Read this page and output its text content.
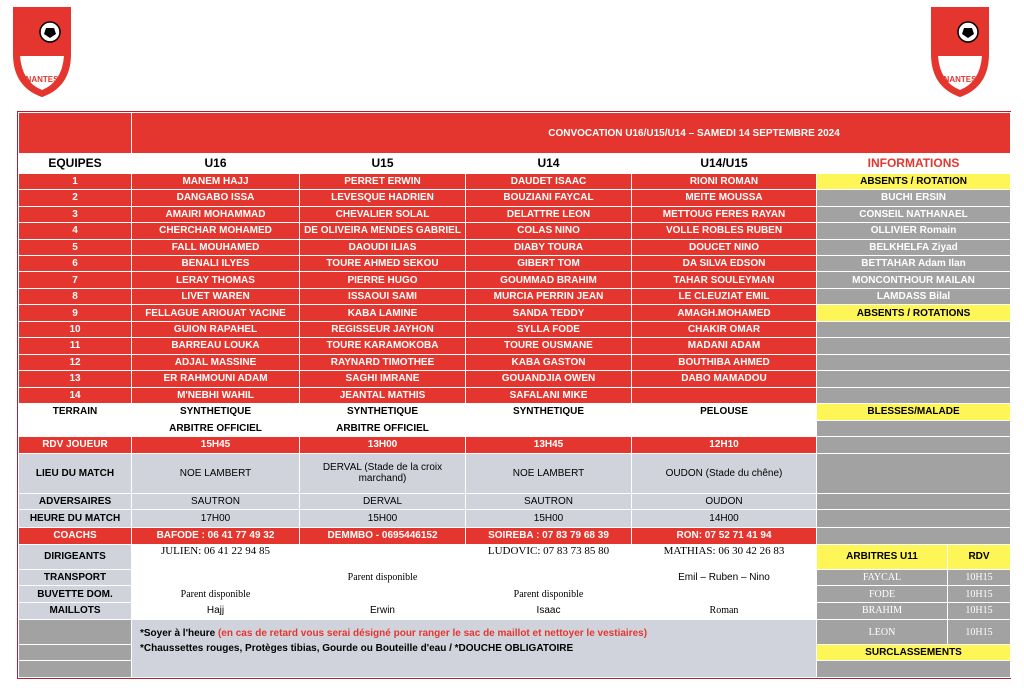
NANTES	NANTES
	CONVOCATION U16/U15/U14 – SAMEDI 14 SEPTEMBRE 2024					
EQUIPES	U16	U15	U14	U14/U15	INFORMATIONS	
1	MANEM HAJJ	PERRET ERWIN	DAUDET ISAAC	RIONI ROMAN	ABSENTS / ROTATION	
2	DANGABO ISSA	LEVESQUE HADRIEN	BOUZIANI FAYCAL	MEITE MOUSSA	BUCHI ERSIN	
3	AMAIRI MOHAMMAD	CHEVALIER SOLAL	DELATTRE LEON	METTOUG FERES RAYAN	CONSEIL NATHANAEL	
4	CHERCHAR MOHAMED	DE OLIVEIRA MENDES GABRIEL	COLAS NINO	VOLLE ROBLES RUBEN	OLLIVIER Romain	
5	FALL MOUHAMED	DAOUDI ILIAS	DIABY TOURA	DOUCET NINO	BELKHELFA Ziyad	
6	BENALI ILYES	TOURE AHMED SEKOU	GIBERT TOM	DA SILVA EDSON	BETTAHAR Adam Ilan	
7	LERAY THOMAS	PIERRE HUGO	GOUMMAD BRAHIM	TAHAR SOULEYMAN	MONCONTHOUR MAILAN	
8	LIVET WAREN	ISSAOUI SAMI	MURCIA PERRIN JEAN	LE CLEUZIAT EMIL	LAMDASS Bilal	
9	FELLAGUE ARIOUAT YACINE	KABA LAMINE	SANDA TEDDY	AMAGH.MOHAMED	ABSENTS / ROTATIONS	
10	GUION RAPAHEL	REGISSEUR JAYHON	SYLLA FODE	CHAKIR OMAR		
11	BARREAU LOUKA	TOURE KARAMOKOBA	TOURE OUSMANE	MADANI ADAM		
12	ADJAL MASSINE	RAYNARD TIMOTHEE	KABA GASTON	BOUTHIBA AHMED		
13	ER RAHMOUNI ADAM	SAGHI IMRANE	GOUANDJIA OWEN	DABO MAMADOU		
14	M'NEBHI WAHIL	JEANTAL MATHIS	SAFALANI MIKE			
TERRAIN	SYNTHETIQUE	SYNTHETIQUE	SYNTHETIQUE	PELOUSE	BLESSES/MALADE	
	ARBITRE OFFICIEL	ARBITRE OFFICIEL				
RDV JOUEUR	15H45	13H00	13H45	12H10		
LIEU DU MATCH	NOE LAMBERT	DERVAL (Stade de la croix marchand)	NOE LAMBERT	OUDON (Stade du chêne)		
ADVERSAIRES	SAUTRON	DERVAL	SAUTRON	OUDON		
HEURE DU MATCH	17H00	15H00	15H00	14H00		
COACHS	BAFODE : 06 41 77 49 32	DEMMBO - 0695446152	SOIREBA : 07 83 79 68 39	RON: 07 52 71 41 94		
DIRIGEANTS	JULIEN: 06 41 22 94 85		LUDOVIC: 07 83 73 85 80	MATHIAS: 06 30 42 26 83	ARBITRES U11	RDV
TRANSPORT		Parent disponible		Emil – Ruben – Nino	FAYCAL	10H15
BUVETTE DOM.	Parent disponible		Parent disponible		FODE	10H15
MAILLOTS	Hajj	Erwin	Isaac	Roman	BRAHIM	10H15

	*Soyer à l'heure (en cas de retard vous serai désigné pour ranger le sac de maillot et nettoyer le vestiaires)
*Chaussettes rouges, Protèges tibias, Gourde ou Bouteille d'eau / *DOUCHE OBLIGATOIRE				LEON	10H15
					SURCLASSEMENTS	
